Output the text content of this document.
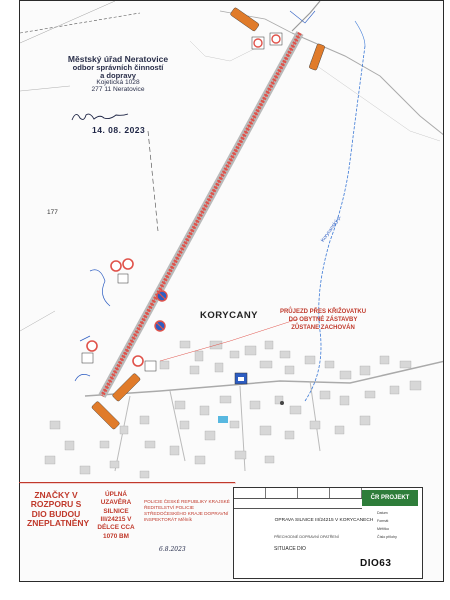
Městský úřad Neratovice
odbor správních činností
a dopravy
Kojetická 1028
277 11 Neratovice
14. 08. 2023
177
KORYCANY	PRŮJEZD PŘES KŘIŽOVATKU DO OBYTNÉ ZÁSTAVBY ZŮSTANE ZACHOVÁN
Korycanský p.
ZNAČKY V ROZPORU S DIO BUDOU ZNEPLATNĚNY
ÚPLNÁ UZAVĚRA SILNICE III/24215 V DÉLCE CCA 1070 BM
POLICIE ČESKÉ REPUBLIKY KRAJSKÉ ŘEDITELSTVÍ POLICIE STŘEDOČESKÉHO KRAJE DOPRAVNÍ INSPEKTORÁT Mělník
6.8.2023
ČR PROJEKT
OPRAVA SILNICE III/24215 V KORYCANECH
PŘECHODNÉ DOPRAVNÍ OPATŘENÍ
SITUACE DIO
Datum
Formát
Měřítko
Číslo přílohy
DIO63
